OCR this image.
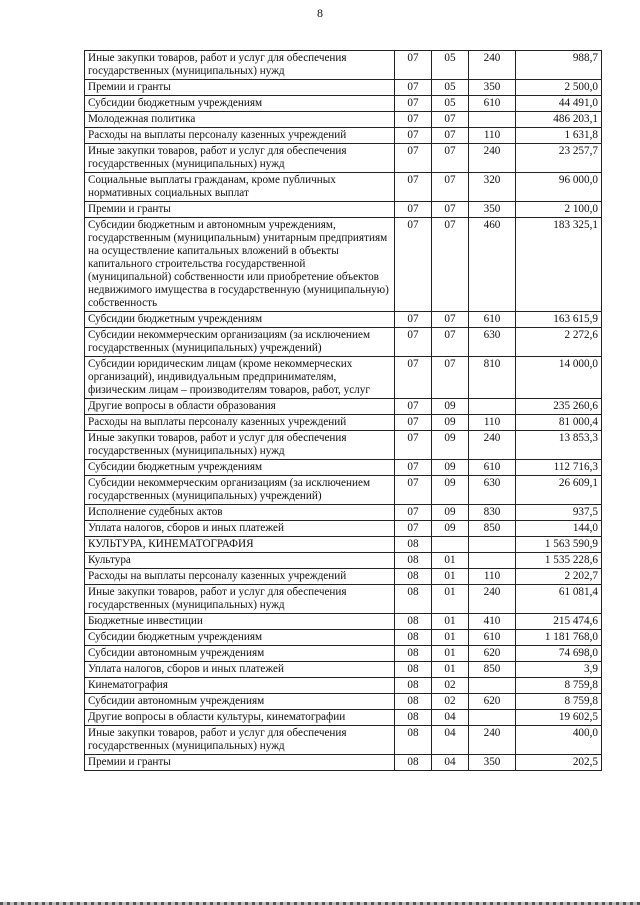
8
Иные закупки товаров, работ и услуг для обеспечения государственных (муниципальных) нужд	07	05	240	988,7
Премии и гранты	07	05	350	2 500,0
Субсидии бюджетным учреждениям	07	05	610	44 491,0
Молодежная политика	07	07		486 203,1
Расходы на выплаты персоналу казенных учреждений	07	07	110	1 631,8
Иные закупки товаров, работ и услуг для обеспечения государственных (муниципальных) нужд	07	07	240	23 257,7
Социальные выплаты гражданам, кроме публичных нормативных социальных выплат	07	07	320	96 000,0
Премии и гранты	07	07	350	2 100,0
Субсидии бюджетным и автономным учреждениям, государственным (муниципальным) унитарным предприятиям на осуществление капитальных вложений в объекты капитального строительства государственной (муниципальной) собственности или приобретение объектов недвижимого имущества в государственную (муниципальную) собственность	07	07	460	183 325,1
Субсидии бюджетным учреждениям	07	07	610	163 615,9
Субсидии некоммерческим организациям (за исключением государственных (муниципальных) учреждений)	07	07	630	2 272,6
Субсидии юридическим лицам (кроме некоммерческих организаций), индивидуальным предпринимателям, физическим лицам – производителям товаров, работ, услуг	07	07	810	14 000,0
Другие вопросы в области образования	07	09		235 260,6
Расходы на выплаты персоналу казенных учреждений	07	09	110	81 000,4
Иные закупки товаров, работ и услуг для обеспечения государственных (муниципальных) нужд	07	09	240	13 853,3
Субсидии бюджетным учреждениям	07	09	610	112 716,3
Субсидии некоммерческим организациям (за исключением государственных (муниципальных) учреждений)	07	09	630	26 609,1
Исполнение судебных актов	07	09	830	937,5
Уплата налогов, сборов и иных платежей	07	09	850	144,0
КУЛЬТУРА, КИНЕМАТОГРАФИЯ	08			1 563 590,9
Культура	08	01		1 535 228,6
Расходы на выплаты персоналу казенных учреждений	08	01	110	2 202,7
Иные закупки товаров, работ и услуг для обеспечения государственных (муниципальных) нужд	08	01	240	61 081,4
Бюджетные инвестиции	08	01	410	215 474,6
Субсидии бюджетным учреждениям	08	01	610	1 181 768,0
Субсидии автономным учреждениям	08	01	620	74 698,0
Уплата налогов, сборов и иных платежей	08	01	850	3,9
Кинематография	08	02		8 759,8
Субсидии автономным учреждениям	08	02	620	8 759,8
Другие вопросы в области культуры, кинематографии	08	04		19 602,5
Иные закупки товаров, работ и услуг для обеспечения государственных (муниципальных) нужд	08	04	240	400,0
Премии и гранты	08	04	350	202,5
